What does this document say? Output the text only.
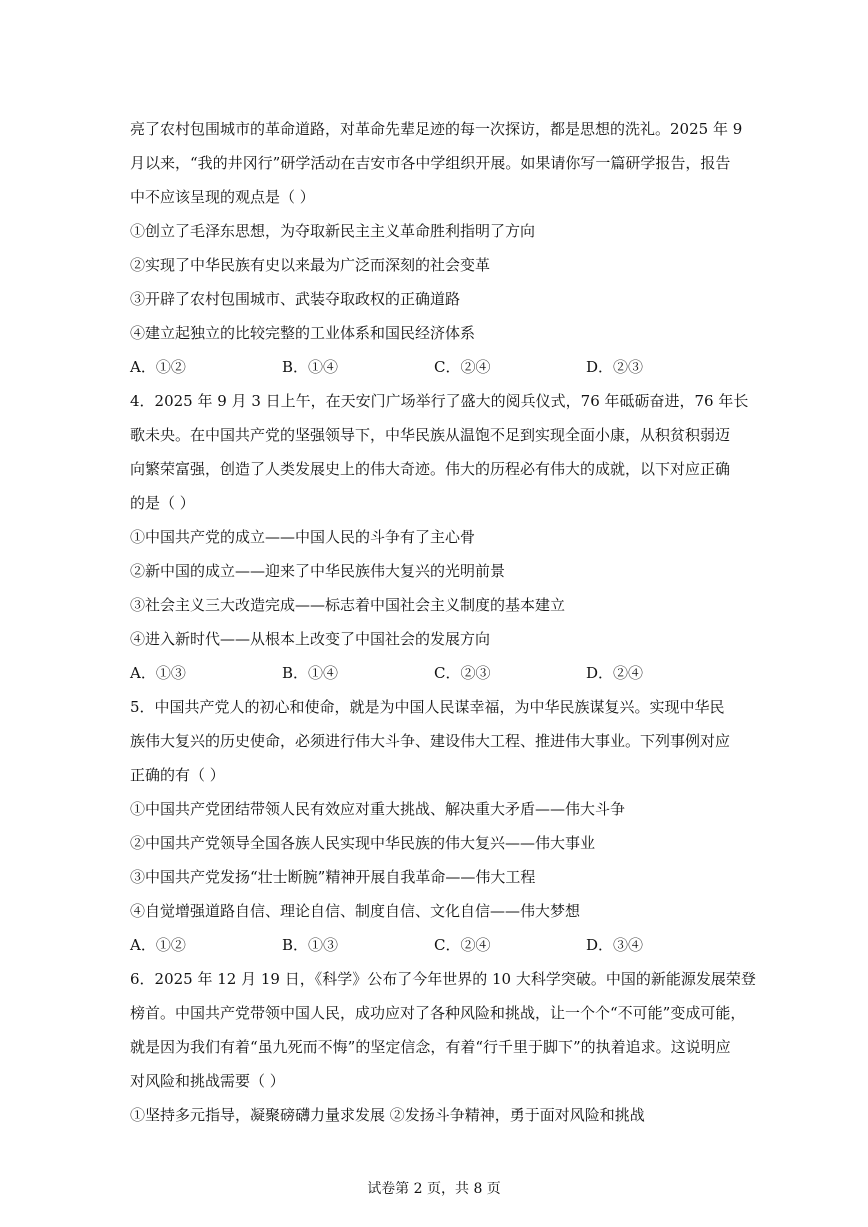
亮了农村包围城市的革命道路，对革命先辈足迹的每一次探访，都是思想的洗礼。2025 年 9
月以来，“我的井冈行”研学活动在吉安市各中学组织开展。如果请你写一篇研学报告，报告
中不应该呈现的观点是（ ）
①创立了毛泽东思想，为夺取新民主主义革命胜利指明了方向
②实现了中华民族有史以来最为广泛而深刻的社会变革
③开辟了农村包围城市、武装夺取政权的正确道路
④建立起独立的比较完整的工业体系和国民经济体系
A．①②	B．①④	C．②④	D．②③
4．2025 年 9 月 3 日上午，在天安门广场举行了盛大的阅兵仪式，76 年砥砺奋进，76 年长
歌未央。在中国共产党的坚强领导下，中华民族从温饱不足到实现全面小康，从积贫积弱迈
向繁荣富强，创造了人类发展史上的伟大奇迹。伟大的历程必有伟大的成就，以下对应正确
的是（ ）
①中国共产党的成立——中国人民的斗争有了主心骨
②新中国的成立——迎来了中华民族伟大复兴的光明前景
③社会主义三大改造完成——标志着中国社会主义制度的基本建立
④进入新时代——从根本上改变了中国社会的发展方向
A．①③	B．①④	C．②③	D．②④
5．中国共产党人的初心和使命，就是为中国人民谋幸福，为中华民族谋复兴。实现中华民
族伟大复兴的历史使命，必须进行伟大斗争、建设伟大工程、推进伟大事业。下列事例对应
正确的有（ ）
①中国共产党团结带领人民有效应对重大挑战、解决重大矛盾——伟大斗争
②中国共产党领导全国各族人民实现中华民族的伟大复兴——伟大事业
③中国共产党发扬“壮士断腕”精神开展自我革命——伟大工程
④自觉增强道路自信、理论自信、制度自信、文化自信——伟大梦想
A．①②	B．①③	C．②④	D．③④
6．2025 年 12 月 19 日，《科学》公布了今年世界的 10 大科学突破。中国的新能源发展荣登
榜首。中国共产党带领中国人民，成功应对了各种风险和挑战，让一个个“不可能”变成可能，
就是因为我们有着“虽九死而不悔”的坚定信念，有着“行千里于脚下”的执着追求。这说明应
对风险和挑战需要（ ）
①坚持多元指导，凝聚磅礴力量求发展 ②发扬斗争精神，勇于面对风险和挑战
试卷第 2 页，共 8 页
